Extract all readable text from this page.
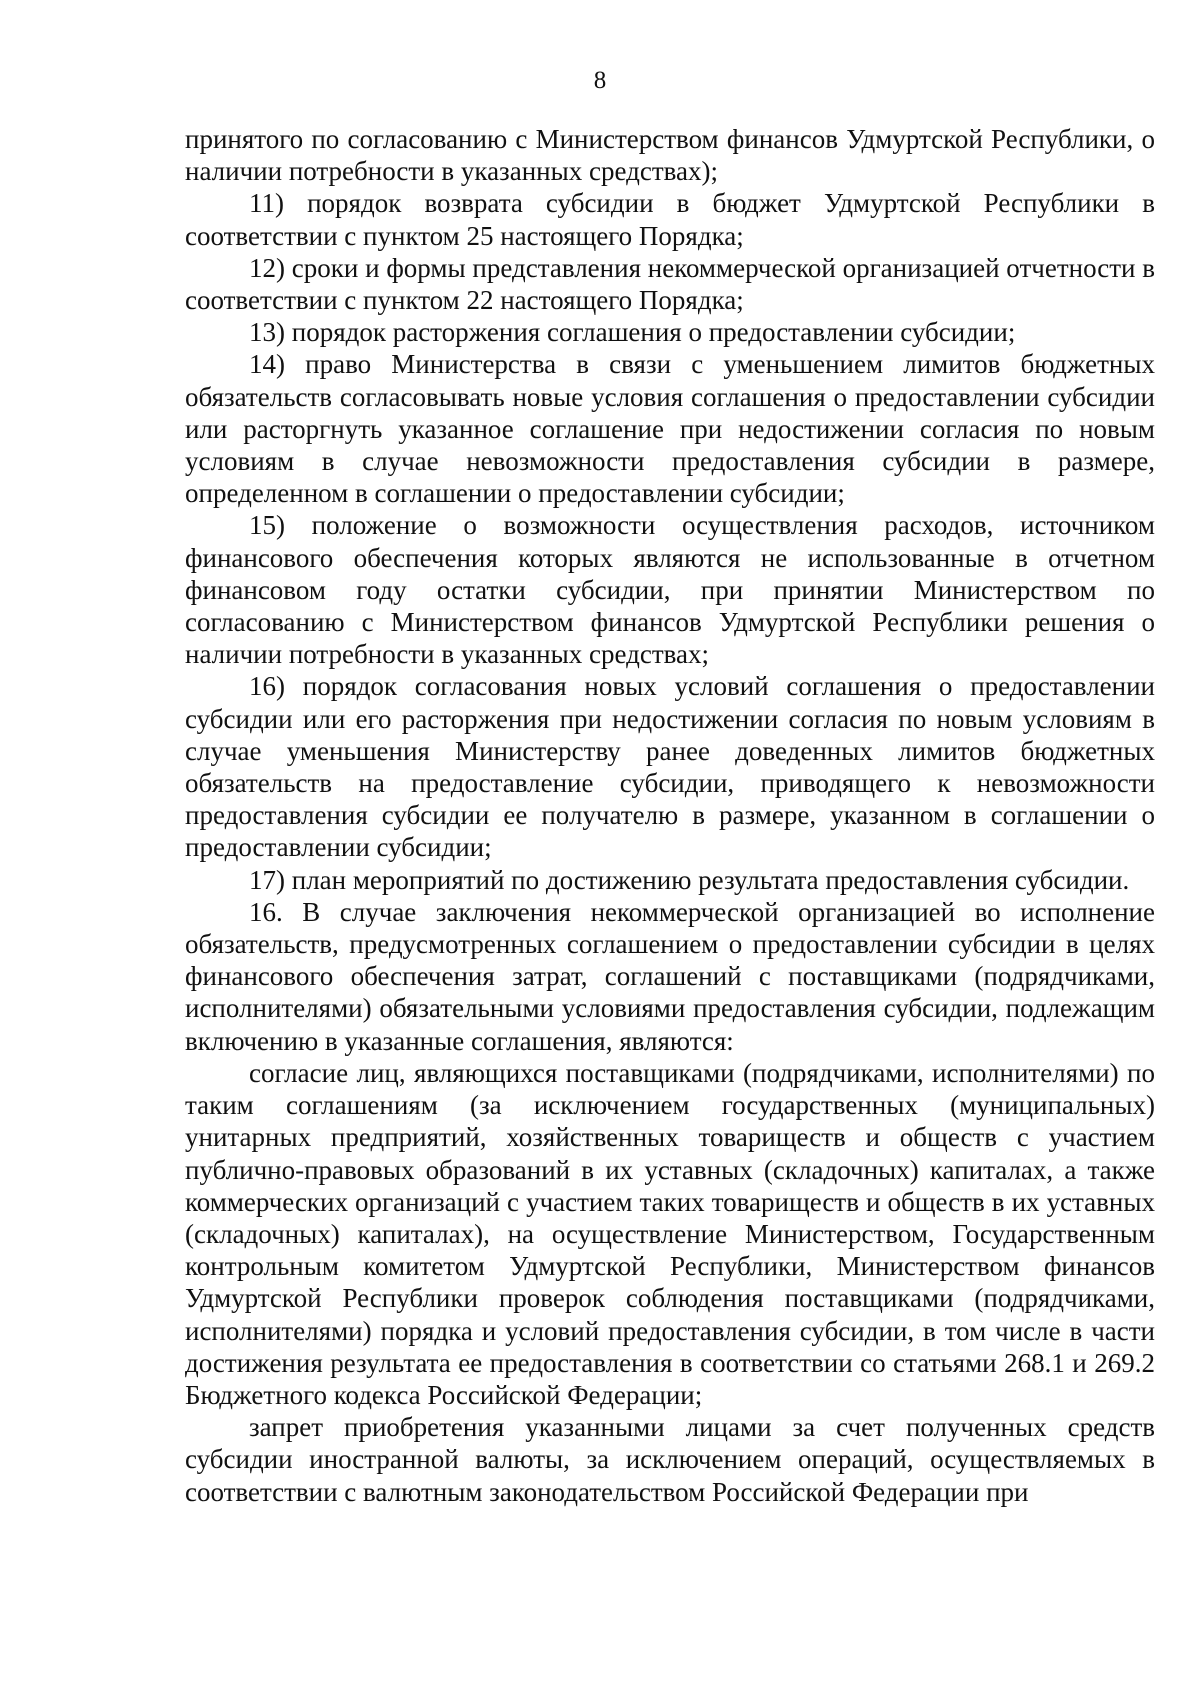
8

принятого по согласованию с Министерством финансов Удмуртской Республики, о наличии потребности в указанных средствах);

11) порядок возврата субсидии в бюджет Удмуртской Республики в соответствии с пунктом 25 настоящего Порядка;

12) сроки и формы представления некоммерческой организацией отчетности в соответствии с пунктом 22 настоящего Порядка;

13) порядок расторжения соглашения о предоставлении субсидии;

14) право Министерства в связи с уменьшением лимитов бюджетных обязательств согласовывать новые условия соглашения о предоставлении субсидии или расторгнуть указанное соглашение при недостижении согласия по новым условиям в случае невозможности предоставления субсидии в размере, определенном в соглашении о предоставлении субсидии;

15) положение о возможности осуществления расходов, источником финансового обеспечения которых являются не использованные в отчетном финансовом году остатки субсидии, при принятии Министерством по согласованию с Министерством финансов Удмуртской Республики решения о наличии потребности в указанных средствах;

16) порядок согласования новых условий соглашения о предоставлении субсидии или его расторжения при недостижении согласия по новым условиям в случае уменьшения Министерству ранее доведенных лимитов бюджетных обязательств на предоставление субсидии, приводящего к невозможности предоставления субсидии ее получателю в размере, указанном в соглашении о предоставлении субсидии;

17) план мероприятий по достижению результата предоставления субсидии.

16. В случае заключения некоммерческой организацией во исполнение обязательств, предусмотренных соглашением о предоставлении субсидии в целях финансового обеспечения затрат, соглашений с поставщиками (подрядчиками, исполнителями) обязательными условиями предоставления субсидии, подлежащим включению в указанные соглашения, являются:

согласие лиц, являющихся поставщиками (подрядчиками, исполнителями) по таким соглашениям (за исключением государственных (муниципальных) унитарных предприятий, хозяйственных товариществ и обществ с участием публично-правовых образований в их уставных (складочных) капиталах, а также коммерческих организаций с участием таких товариществ и обществ в их уставных (складочных) капиталах), на осуществление Министерством, Государственным контрольным комитетом Удмуртской Республики, Министерством финансов Удмуртской Республики проверок соблюдения поставщиками (подрядчиками, исполнителями) порядка и условий предоставления субсидии, в том числе в части достижения результата ее предоставления в соответствии со статьями 268.1 и 269.2 Бюджетного кодекса Российской Федерации;

запрет приобретения указанными лицами за счет полученных средств субсидии иностранной валюты, за исключением операций, осуществляемых в соответствии с валютным законодательством Российской Федерации при
